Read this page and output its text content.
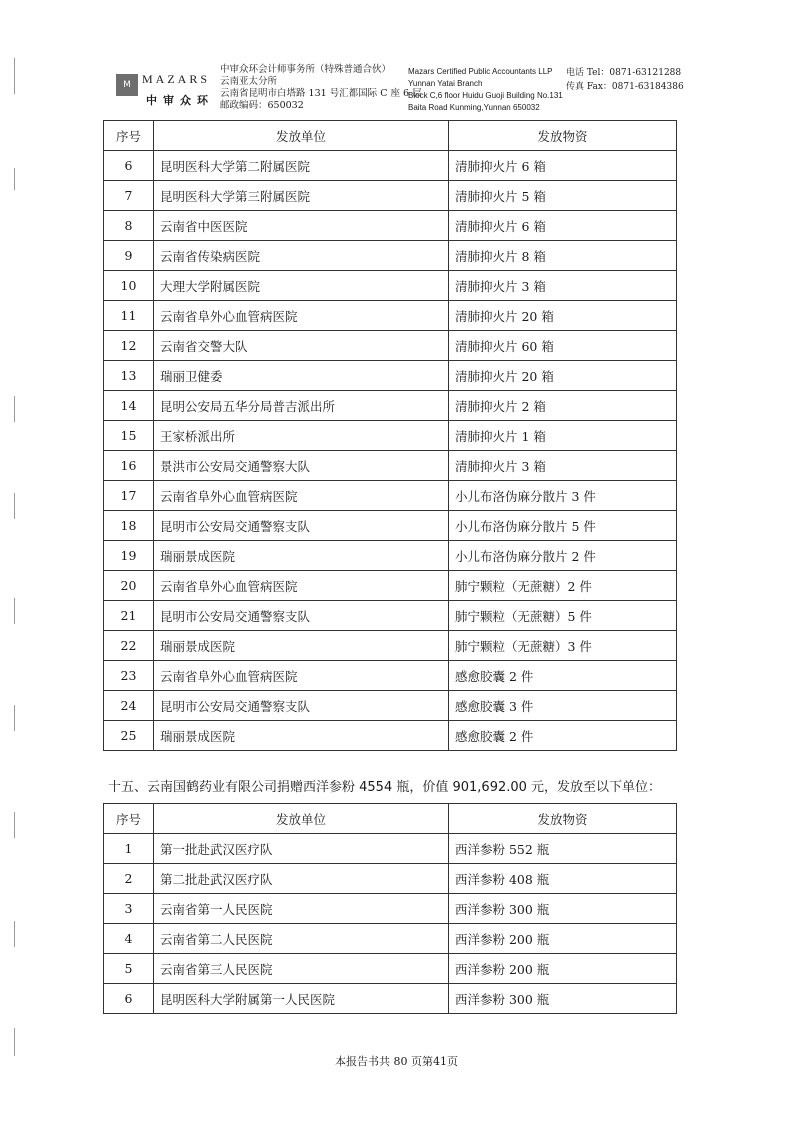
M MAZARS
中审众环
中审众环会计师事务所（特殊普通合伙）
云南亚太分所
云南省昆明市白塔路 131 号汇都国际 C 座 6 层
邮政编码：650032
Mazars Certified Public Accountants LLP
Yunnan Yatai Branch
Block C,6 floor Huidu Guoji Building No.131
Baita Road Kunming,Yunnan 650032
电话 Tel：0871-63121288
传真 Fax：0871-63184386
序号	发放单位	发放物资
6	昆明医科大学第二附属医院	清肺抑火片 6 箱
7	昆明医科大学第三附属医院	清肺抑火片 5 箱
8	云南省中医医院	清肺抑火片 6 箱
9	云南省传染病医院	清肺抑火片 8 箱
10	大理大学附属医院	清肺抑火片 3 箱
11	云南省阜外心血管病医院	清肺抑火片 20 箱
12	云南省交警大队	清肺抑火片 60 箱
13	瑞丽卫健委	清肺抑火片 20 箱
14	昆明公安局五华分局普吉派出所	清肺抑火片 2 箱
15	王家桥派出所	清肺抑火片 1 箱
16	景洪市公安局交通警察大队	清肺抑火片 3 箱
17	云南省阜外心血管病医院	小儿布洛伪麻分散片 3 件
18	昆明市公安局交通警察支队	小儿布洛伪麻分散片 5 件
19	瑞丽景成医院	小儿布洛伪麻分散片 2 件
20	云南省阜外心血管病医院	肺宁颗粒（无蔗糖）2 件
21	昆明市公安局交通警察支队	肺宁颗粒（无蔗糖）5 件
22	瑞丽景成医院	肺宁颗粒（无蔗糖）3 件
23	云南省阜外心血管病医院	感愈胶囊 2 件
24	昆明市公安局交通警察支队	感愈胶囊 3 件
25	瑞丽景成医院	感愈胶囊 2 件
十五、云南国鹤药业有限公司捐赠西洋参粉 4554 瓶，价值 901,692.00 元，发放至以下单位：
序号	发放单位	发放物资
1	第一批赴武汉医疗队	西洋参粉 552 瓶
2	第二批赴武汉医疗队	西洋参粉 408 瓶
3	云南省第一人民医院	西洋参粉 300 瓶
4	云南省第二人民医院	西洋参粉 200 瓶
5	云南省第三人民医院	西洋参粉 200 瓶
6	昆明医科大学附属第一人民医院	西洋参粉 300 瓶
本报告书共 80 页第41页
